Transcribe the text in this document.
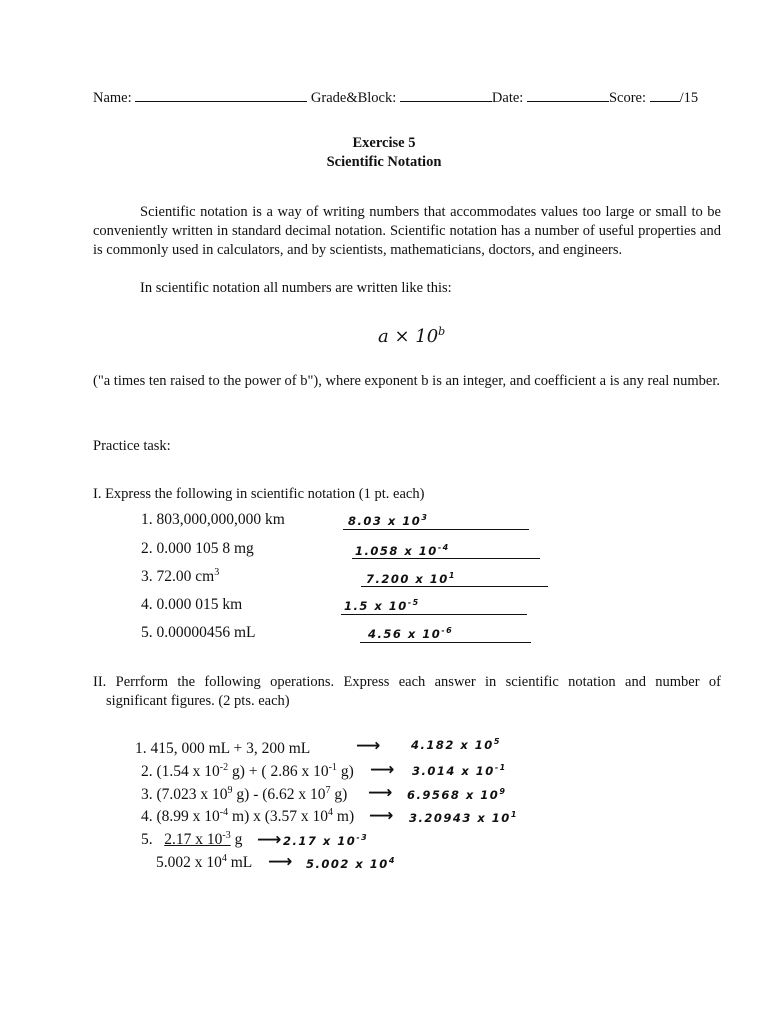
Name:	Grade&Block:	Date:	Score: /15
Exercise 5
Scientific Notation
Scientific notation is a way of writing numbers that accommodates values too large or small to be conveniently written in standard decimal notation. Scientific notation has a number of useful properties and is commonly used in calculators, and by scientists, mathematicians, doctors, and engineers.
In scientific notation all numbers are written like this:
$a \times 10^b$
("a times ten raised to the power of b"), where exponent b is an integer, and coefficient a is any real number.
Practice task:
I. Express the following in scientific notation (1 pt. each)
1. 803,000,000,000 km	8.03 x $10^3$
2. 0.000 105 8 mg	1.058 x $10^{-4}$
3. 72.00 $cm^3$	7.200 x $10^1$
4. 0.000 015 km	1.5 x $10^{-5}$
5. 0.00000456 mL	4.56 x $10^{-6}$
II. Perrform the following operations. Express each answer in scientific notation and number of
significant figures. (2 pts. each)
1. 415, 000 mL + 3, 200 mL	⟶	4.182 x $10^5$
2. (1.54 x $10^{-2}$ g) + ( 2.86 x $10^{-1}$ g) ⟶ 3.014 x $10^{-1}$
3. (7.023 x $10^9$ g) - (6.62 x $10^7$ g) ⟶ 6.9568 x $10^9$
4. (8.99 x $10^{-4}$ m) x (3.57 x $10^4$ m) ⟶ 3.20943 x $10^1$
5. 2.17 x $10^{-3}$ g ⟶ 2.17 x $10^{-3}$
5.002 x $10^4$ mL ⟶ 5.002 x $10^4$
